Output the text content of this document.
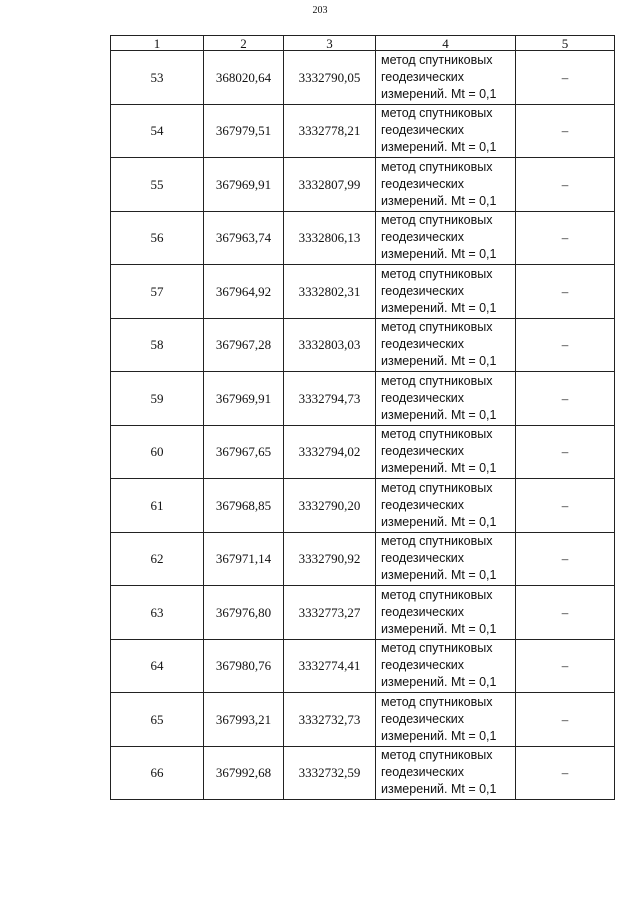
203
1	2	3	4	5
53	368020,64	3332790,05	метод спутниковых
геодезических
измерений. Mt = 0,1	–
54	367979,51	3332778,21	метод спутниковых
геодезических
измерений. Mt = 0,1	–
55	367969,91	3332807,99	метод спутниковых
геодезических
измерений. Mt = 0,1	–
56	367963,74	3332806,13	метод спутниковых
геодезических
измерений. Mt = 0,1	–
57	367964,92	3332802,31	метод спутниковых
геодезических
измерений. Mt = 0,1	–
58	367967,28	3332803,03	метод спутниковых
геодезических
измерений. Mt = 0,1	–
59	367969,91	3332794,73	метод спутниковых
геодезических
измерений. Mt = 0,1	–
60	367967,65	3332794,02	метод спутниковых
геодезических
измерений. Mt = 0,1	–
61	367968,85	3332790,20	метод спутниковых
геодезических
измерений. Mt = 0,1	–
62	367971,14	3332790,92	метод спутниковых
геодезических
измерений. Mt = 0,1	–
63	367976,80	3332773,27	метод спутниковых
геодезических
измерений. Mt = 0,1	–
64	367980,76	3332774,41	метод спутниковых
геодезических
измерений. Mt = 0,1	–
65	367993,21	3332732,73	метод спутниковых
геодезических
измерений. Mt = 0,1	–
66	367992,68	3332732,59	метод спутниковых
геодезических
измерений. Mt = 0,1	–
